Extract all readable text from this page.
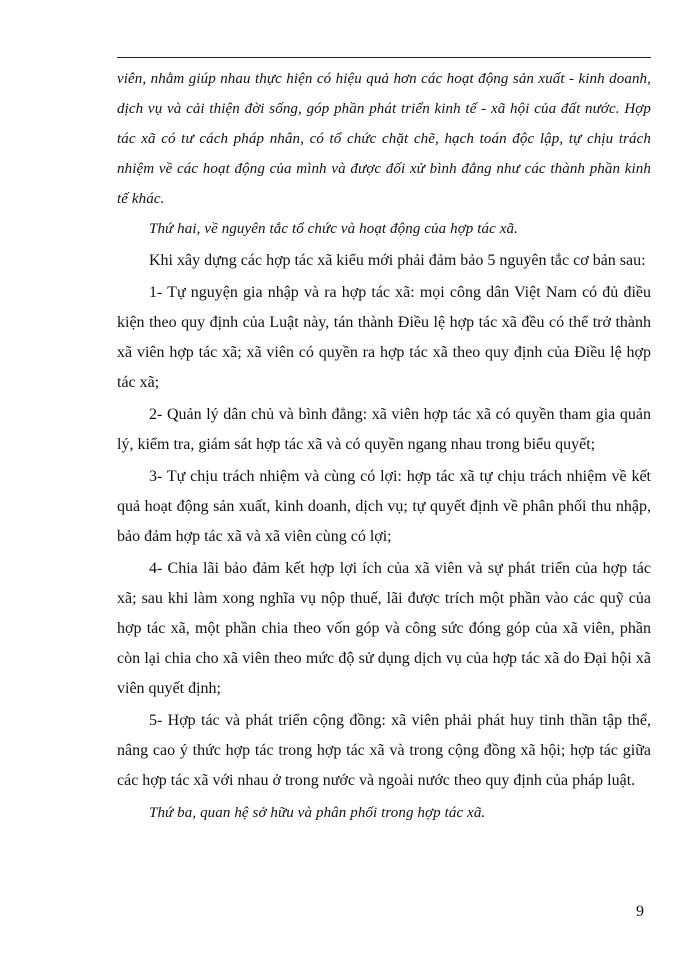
viên, nhằm giúp nhau thực hiện có hiệu quả hơn các hoạt động sản xuất - kinh doanh, dịch vụ và cải thiện đời sống, góp phần phát triển kinh tế - xã hội của đất nước. Hợp tác xã có tư cách pháp nhân, có tổ chức chặt chẽ, hạch toán độc lập, tự chịu trách nhiệm về các hoạt động của mình và được đối xử bình đẳng như các thành phần kinh tế khác.

Thứ hai, về nguyên tắc tổ chức và hoạt động của hợp tác xã.

Khi xây dựng các hợp tác xã kiểu mới phải đảm bảo 5 nguyên tắc cơ bản sau:

1- Tự nguyện gia nhập và ra hợp tác xã: mọi công dân Việt Nam có đủ điều kiện theo quy định của Luật này, tán thành Điều lệ hợp tác xã đều có thể trở thành xã viên hợp tác xã; xã viên có quyền ra hợp tác xã theo quy định của Điều lệ hợp tác xã;

2- Quản lý dân chủ và bình đẳng: xã viên hợp tác xã có quyền tham gia quản lý, kiểm tra, giám sát hợp tác xã và có quyền ngang nhau trong biểu quyết;

3- Tự chịu trách nhiệm và cùng có lợi: hợp tác xã tự chịu trách nhiệm về kết quả hoạt động sản xuất, kinh doanh, dịch vụ; tự quyết định về phân phối thu nhập, bảo đảm hợp tác xã và xã viên cùng có lợi;

4- Chia lãi bảo đảm kết hợp lợi ích của xã viên và sự phát triển của hợp tác xã; sau khi làm xong nghĩa vụ nộp thuế, lãi được trích một phần vào các quỹ của hợp tác xã, một phần chia theo vốn góp và công sức đóng góp của xã viên, phần còn lại chia cho xã viên theo mức độ sử dụng dịch vụ của hợp tác xã do Đại hội xã viên quyết định;

5- Hợp tác và phát triển cộng đồng: xã viên phải phát huy tinh thần tập thể, nâng cao ý thức hợp tác trong hợp tác xã và trong cộng đồng xã hội; hợp tác giữa các hợp tác xã với nhau ở trong nước và ngoài nước theo quy định của pháp luật.

Thứ ba, quan hệ sở hữu và phân phối trong hợp tác xã.

9
